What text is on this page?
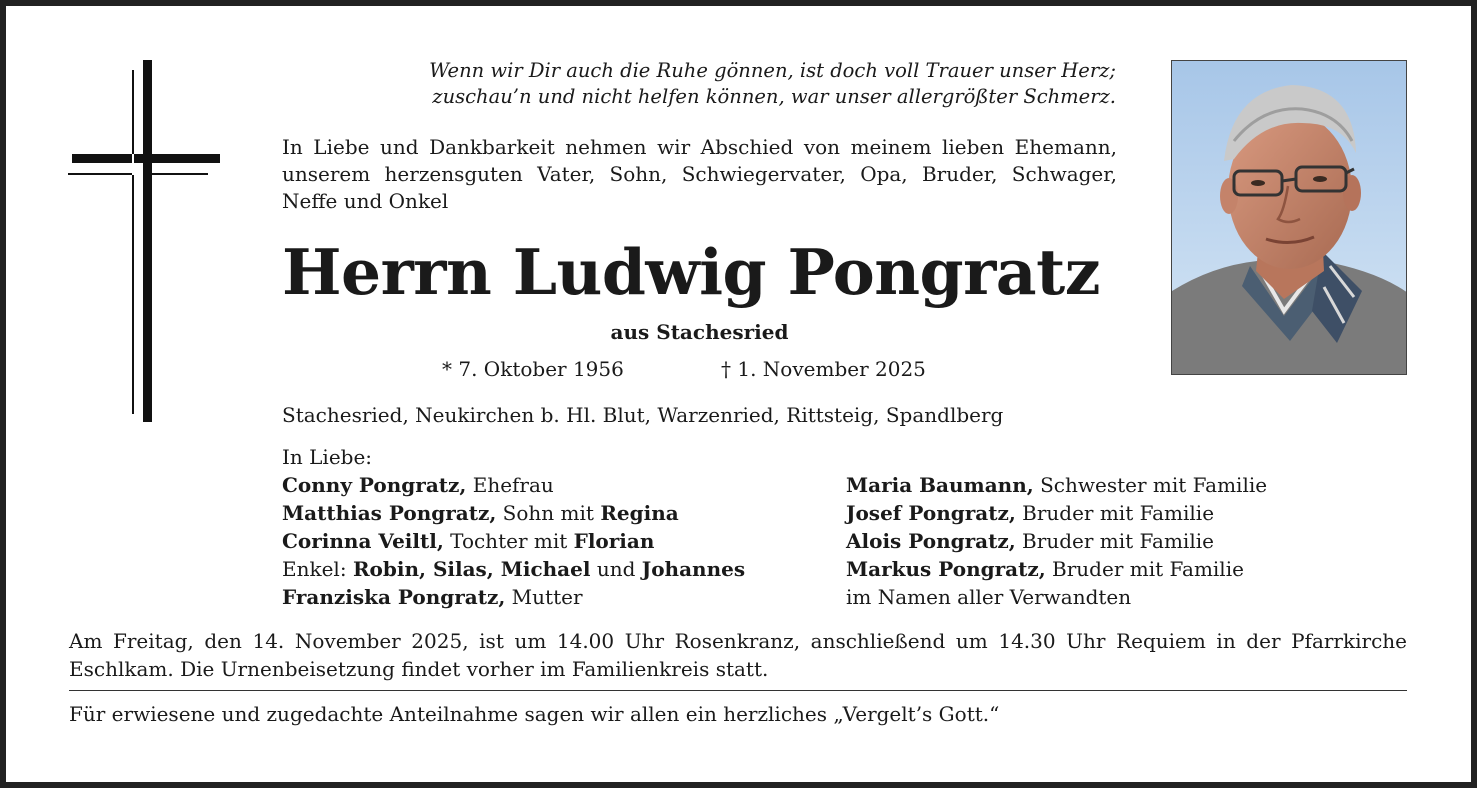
Wenn wir Dir auch die Ruhe gönnen, ist doch voll Trauer unser Herz;
zuschau’n und nicht helfen können, war unser allergrößter Schmerz.
In Liebe und Dankbarkeit nehmen wir Abschied von meinem lieben Ehemann, unserem herzensguten Vater, Sohn, Schwiegervater, Opa, Bruder, Schwager, Neffe und Onkel
Herrn Ludwig Pongratz
aus Stachesried
* 7. Oktober 1956	† 1. November 2025
Stachesried, Neukirchen b. Hl. Blut, Warzenried, Rittsteig, Spandlberg
In Liebe:
Conny Pongratz, Ehefrau
Matthias Pongratz, Sohn mit Regina
Corinna Veiltl, Tochter mit Florian
Enkel: Robin, Silas, Michael und Johannes
Franziska Pongratz, Mutter
Maria Baumann, Schwester mit Familie
Josef Pongratz, Bruder mit Familie
Alois Pongratz, Bruder mit Familie
Markus Pongratz, Bruder mit Familie
im Namen aller Verwandten
Am Freitag, den 14. November 2025, ist um 14.00 Uhr Rosenkranz, anschließend um 14.30 Uhr Requiem in der Pfarrkirche Eschlkam. Die Urnenbeisetzung findet vorher im Familienkreis statt.
Für erwiesene und zugedachte Anteilnahme sagen wir allen ein herzliches „Vergelt’s Gott.“
